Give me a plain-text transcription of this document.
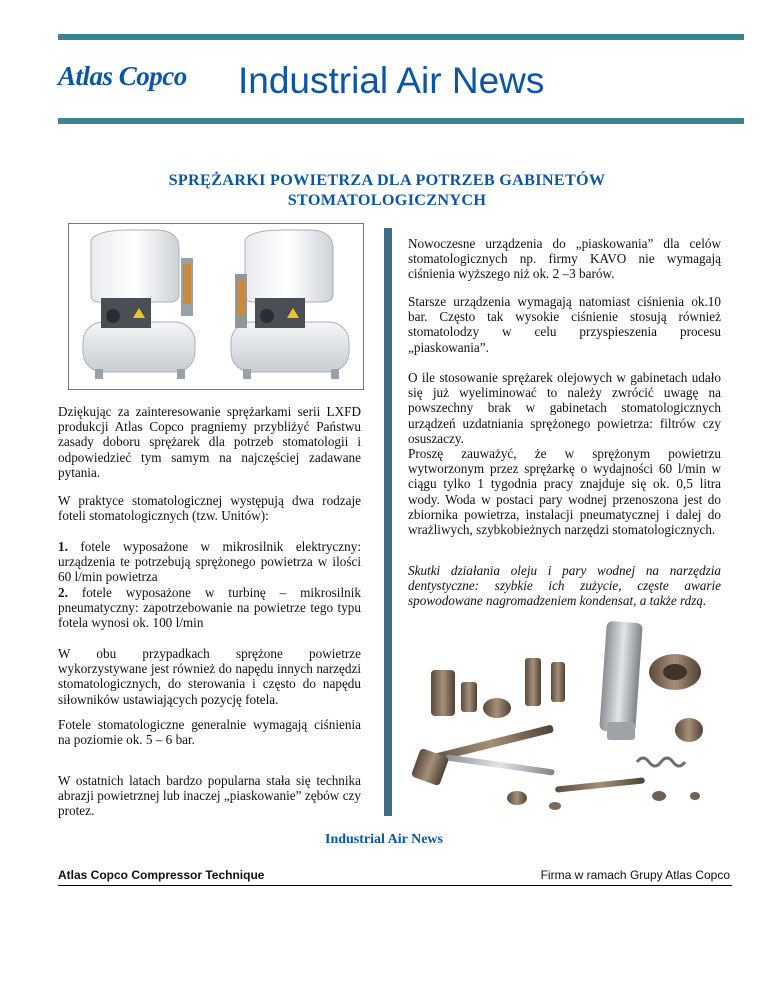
Atlas Copco	Industrial Air News
SPRĘŻARKI POWIETRZA DLA POTRZEB GABINETÓW
STOMATOLOGICZNYCH

Dziękując za zainteresowanie sprężarkami serii LXFD produkcji Atlas Copco pragniemy przybliżyć Państwu zasady doboru sprężarek dla potrzeb stomatologii i odpowiedzieć tym samym na najczęściej zadawane pytania.

W praktyce stomatologicznej występują dwa rodzaje foteli stomatologicznych (tzw. Unitów):

1. fotele wyposażone w mikrosilnik elektryczny: urządzenia te potrzebują sprężonego powietrza w ilości 60 l/min powietrza

2. fotele wyposażone w turbinę – mikrosilnik pneumatyczny: zapotrzebowanie na powietrze tego typu fotela wynosi ok. 100 l/min

W obu przypadkach sprężone powietrze wykorzystywane jest również do napędu innych narzędzi stomatologicznych, do sterowania i często do napędu siłowników ustawiających pozycję fotela.

Fotele stomatologiczne generalnie wymagają ciśnienia na poziomie ok. 5 – 6 bar.

W ostatnich latach bardzo popularna stała się technika abrazji powietrznej lub inaczej „piaskowanie” zębów czy protez.

Nowoczesne urządzenia do „piaskowania” dla celów stomatologicznych np. firmy KAVO nie wymagają ciśnienia wyższego niż ok. 2 –3 barów.

Starsze urządzenia wymagają natomiast ciśnienia ok.10 bar. Często tak wysokie ciśnienie stosują również stomatolodzy w celu przyspieszenia procesu „piaskowania”.

O ile stosowanie sprężarek olejowych w gabinetach udało się już wyeliminować to należy zwrócić uwagę na powszechny brak w gabinetach stomatologicznych urządzeń uzdatniania sprężonego powietrza: filtrów czy osuszaczy.

Proszę zauważyć, że w sprężonym powietrzu wytworzonym przez sprężarkę o wydajności 60 l/min w ciągu tylko 1 tygodnia pracy znajduje się ok. 0,5 litra wody. Woda w postaci pary wodnej przenoszona jest do zbiornika powietrza, instalacji pneumatycznej i dalej do wrażliwych, szybkobieżnych narzędzi stomatologicznych.

Skutki działania oleju i pary wodnej na narzędzia dentystyczne: szybkie ich zużycie, częste awarie spowodowane nagromadzeniem kondensat, a także rdzą.

Industrial Air News
Atlas Copco Compressor Technique	Firma w ramach Grupy Atlas Copco
